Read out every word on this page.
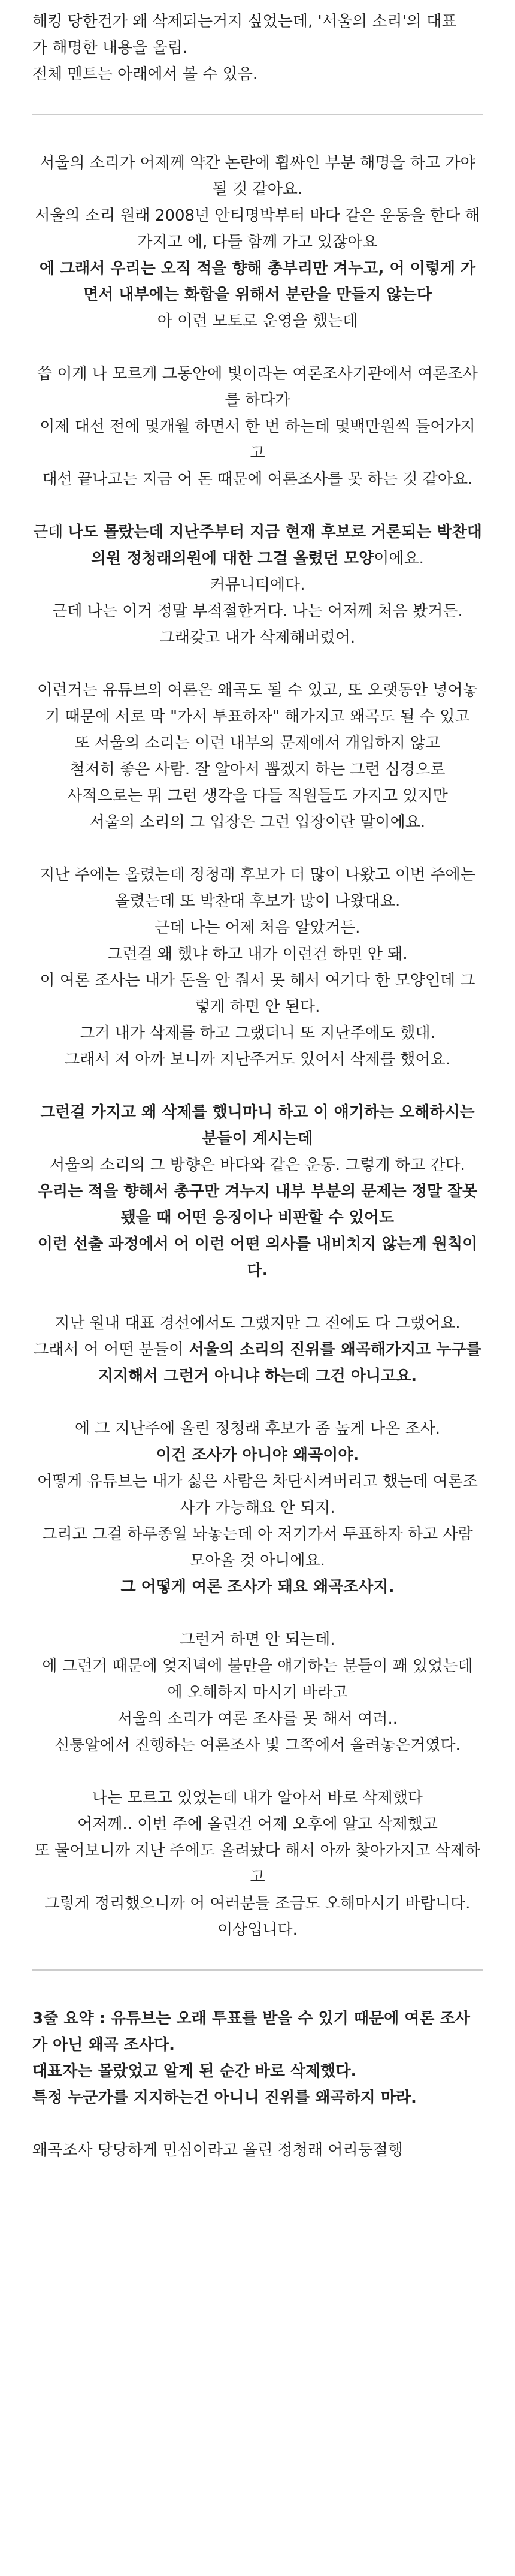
해킹 당한건가 왜 삭제되는거지 싶었는데, '서울의 소리'의 대표

가 해명한 내용을 올림.

전체 멘트는 아래에서 볼 수 있음.

서울의 소리가 어제께 약간 논란에 휩싸인 부분 해명을 하고 가야될 것 같아요.

서울의 소리 원래 2008년 안티명박부터 바다 같은 운동을 한다 해가지고 에, 다들 함께 가고 있잖아요

에 그래서 우리는 오직 적을 향해 총부리만 겨누고, 어 이렇게 가면서 내부에는 화합을 위해서 분란을 만들지 않는다

아 이런 모토로 운영을 했는데

씁 이게 나 모르게 그동안에 빛이라는 여론조사기관에서 여론조사를 하다가

이제 대선 전에 몇개월 하면서 한 번 하는데 몇백만원씩 들어가지고

대선 끝나고는 지금 어 돈 때문에 여론조사를 못 하는 것 같아요.

근데 나도 몰랐는데 지난주부터 지금 현재 후보로 거론되는 박찬대의원 정청래의원에 대한 그걸 올렸던 모양이에요.

커뮤니티에다.

근데 나는 이거 정말 부적절한거다. 나는 어저께 처음 봤거든.

그래갖고 내가 삭제해버렸어.

이런거는 유튜브의 여론은 왜곡도 될 수 있고, 또 오랫동안 넣어놓기 때문에 서로 막 "가서 투표하자" 해가지고 왜곡도 될 수 있고

또 서울의 소리는 이런 내부의 문제에서 개입하지 않고

철저히 좋은 사람. 잘 알아서 뽑겠지 하는 그런 심경으로

사적으로는 뭐 그런 생각을 다들 직원들도 가지고 있지만

서울의 소리의 그 입장은 그런 입장이란 말이에요.

지난 주에는 올렸는데 정청래 후보가 더 많이 나왔고 이번 주에는 올렸는데 또 박찬대 후보가 많이 나왔대요.

근데 나는 어제 처음 알았거든.

그런걸 왜 했냐 하고 내가 이런건 하면 안 돼.

이 여론 조사는 내가 돈을 안 줘서 못 해서 여기다 한 모양인데 그렇게 하면 안 된다.

그거 내가 삭제를 하고 그랬더니 또 지난주에도 했대.

그래서 저 아까 보니까 지난주거도 있어서 삭제를 했어요.

그런걸 가지고 왜 삭제를 했니마니 하고 이 얘기하는 오해하시는 분들이 계시는데

서울의 소리의 그 방향은 바다와 같은 운동. 그렇게 하고 간다.

우리는 적을 향해서 총구만 겨누지 내부 부분의 문제는 정말 잘못됐을 때 어떤 응징이나 비판할 수 있어도

이런 선출 과정에서 어 이런 어떤 의사를 내비치지 않는게 원칙이다.

지난 원내 대표 경선에서도 그랬지만 그 전에도 다 그랬어요.

그래서 어 어떤 분들이 서울의 소리의 진위를 왜곡해가지고 누구를 지지해서 그런거 아니냐 하는데 그건 아니고요.

에 그 지난주에 올린 정청래 후보가 좀 높게 나온 조사.

이건 조사가 아니야 왜곡이야.

어떻게 유튜브는 내가 싫은 사람은 차단시켜버리고 했는데 여론조사가 가능해요 안 되지.

그리고 그걸 하루종일 놔놓는데 아 저기가서 투표하자 하고 사람 모아올 것 아니에요.

그 어떻게 여론 조사가 돼요 왜곡조사지.

그런거 하면 안 되는데.

에 그런거 때문에 엊저녁에 불만을 얘기하는 분들이 꽤 있었는데

에 오해하지 마시기 바라고

서울의 소리가 여론 조사를 못 해서 여러..

신퉁알에서 진행하는 여론조사 빛 그쪽에서 올려놓은거였다.

나는 모르고 있었는데 내가 알아서 바로 삭제했다

어저께.. 이번 주에 올린건 어제 오후에 알고 삭제했고

또 물어보니까 지난 주에도 올려놨다 해서 아까 찾아가지고 삭제하고

그렇게 정리했으니까 어 여러분들 조금도 오해마시기 바랍니다.

이상입니다.

3줄 요약 : 유튜브는 오래 투표를 받을 수 있기 때문에 여론 조사가 아닌 왜곡 조사다.

대표자는 몰랐었고 알게 된 순간 바로 삭제했다.

특정 누군가를 지지하는건 아니니 진위를 왜곡하지 마라.

왜곡조사 당당하게 민심이라고 올린 정청래 어리둥절행
